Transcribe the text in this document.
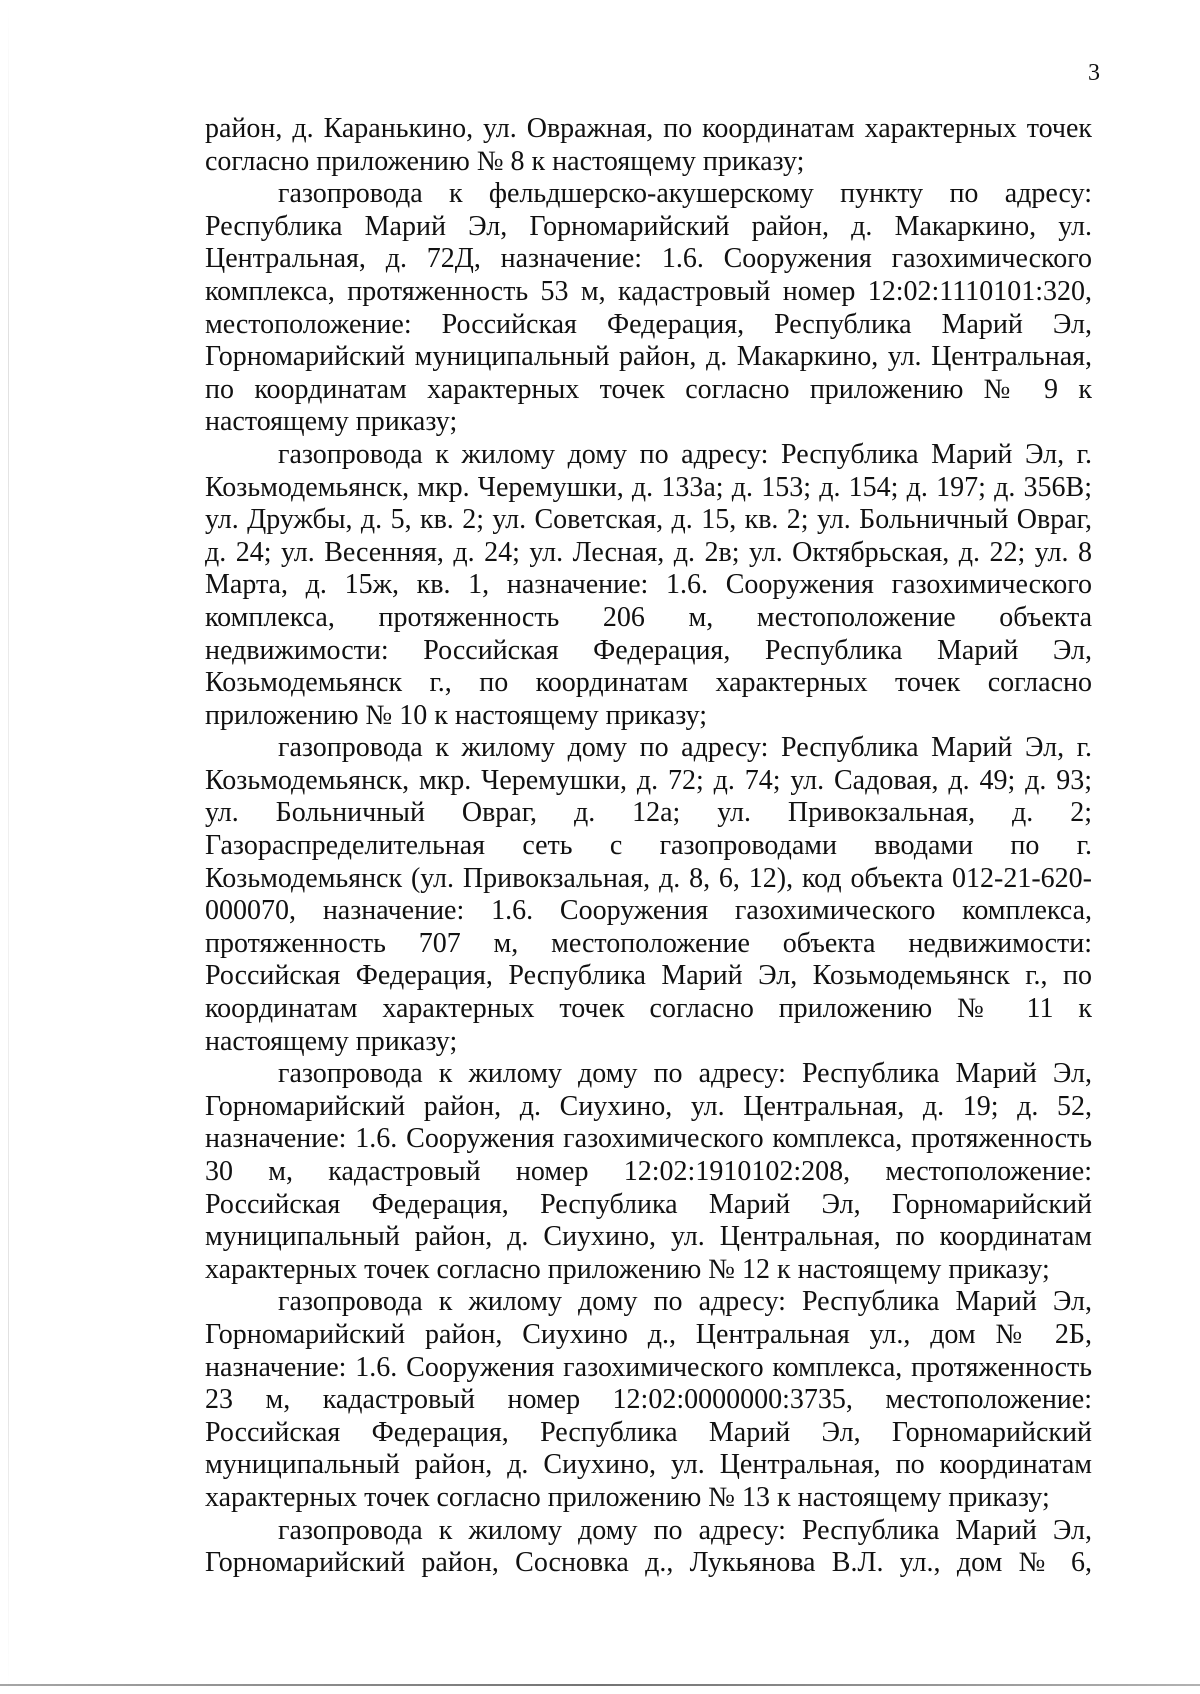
3

район, д. Каранькино, ул. Овражная, по координатам характерных точек согласно приложению № 8 к настоящему приказу;

газопровода к фельдшерско-акушерскому пункту по адресу: Республика Марий Эл, Горномарийский район, д. Макаркино, ул. Центральная, д. 72Д, назначение: 1.6. Сооружения газохимического комплекса, протяженность 53 м, кадастровый номер 12:02:1110101:320, местоположение: Российская Федерация, Республика Марий Эл, Горномарийский муниципальный район, д. Макаркино, ул. Центральная, по координатам характерных точек согласно приложению № 9 к настоящему приказу;

газопровода к жилому дому по адресу: Республика Марий Эл, г. Козьмодемьянск, мкр. Черемушки, д. 133а; д. 153; д. 154; д. 197; д. 356В; ул. Дружбы, д. 5, кв. 2; ул. Советская, д. 15, кв. 2; ул. Больничный Овраг, д. 24; ул. Весенняя, д. 24; ул. Лесная, д. 2в; ул. Октябрьская, д. 22; ул. 8 Марта, д. 15ж, кв. 1, назначение: 1.6. Сооружения газохимического комплекса, протяженность 206 м, местоположение объекта недвижимости: Российская Федерация, Республика Марий Эл, Козьмодемьянск г., по координатам характерных точек согласно приложению № 10 к настоящему приказу;

газопровода к жилому дому по адресу: Республика Марий Эл, г. Козьмодемьянск, мкр. Черемушки, д. 72; д. 74; ул. Садовая, д. 49; д. 93; ул. Больничный Овраг, д. 12а; ул. Привокзальная, д. 2; Газораспределительная сеть с газопроводами вводами по г. Козьмодемьянск (ул. Привокзальная, д. 8, 6, 12), код объекта 012-21-620-000070, назначение: 1.6. Сооружения газохимического комплекса, протяженность 707 м, местоположение объекта недвижимости: Российская Федерация, Республика Марий Эл, Козьмодемьянск г., по координатам характерных точек согласно приложению № 11 к настоящему приказу;

газопровода к жилому дому по адресу: Республика Марий Эл, Горномарийский район, д. Сиухино, ул. Центральная, д. 19; д. 52, назначение: 1.6. Сооружения газохимического комплекса, протяженность 30 м, кадастровый номер 12:02:1910102:208, местоположение: Российская Федерация, Республика Марий Эл, Горномарийский муниципальный район, д. Сиухино, ул. Центральная, по координатам характерных точек согласно приложению № 12 к настоящему приказу;

газопровода к жилому дому по адресу: Республика Марий Эл, Горномарийский район, Сиухино д., Центральная ул., дом № 2Б, назначение: 1.6. Сооружения газохимического комплекса, протяженность 23 м, кадастровый номер 12:02:0000000:3735, местоположение: Российская Федерация, Республика Марий Эл, Горномарийский муниципальный район, д. Сиухино, ул. Центральная, по координатам характерных точек согласно приложению № 13 к настоящему приказу;

газопровода к жилому дому по адресу: Республика Марий Эл, Горномарийский район, Сосновка д., Лукьянова В.Л. ул., дом № 6,
